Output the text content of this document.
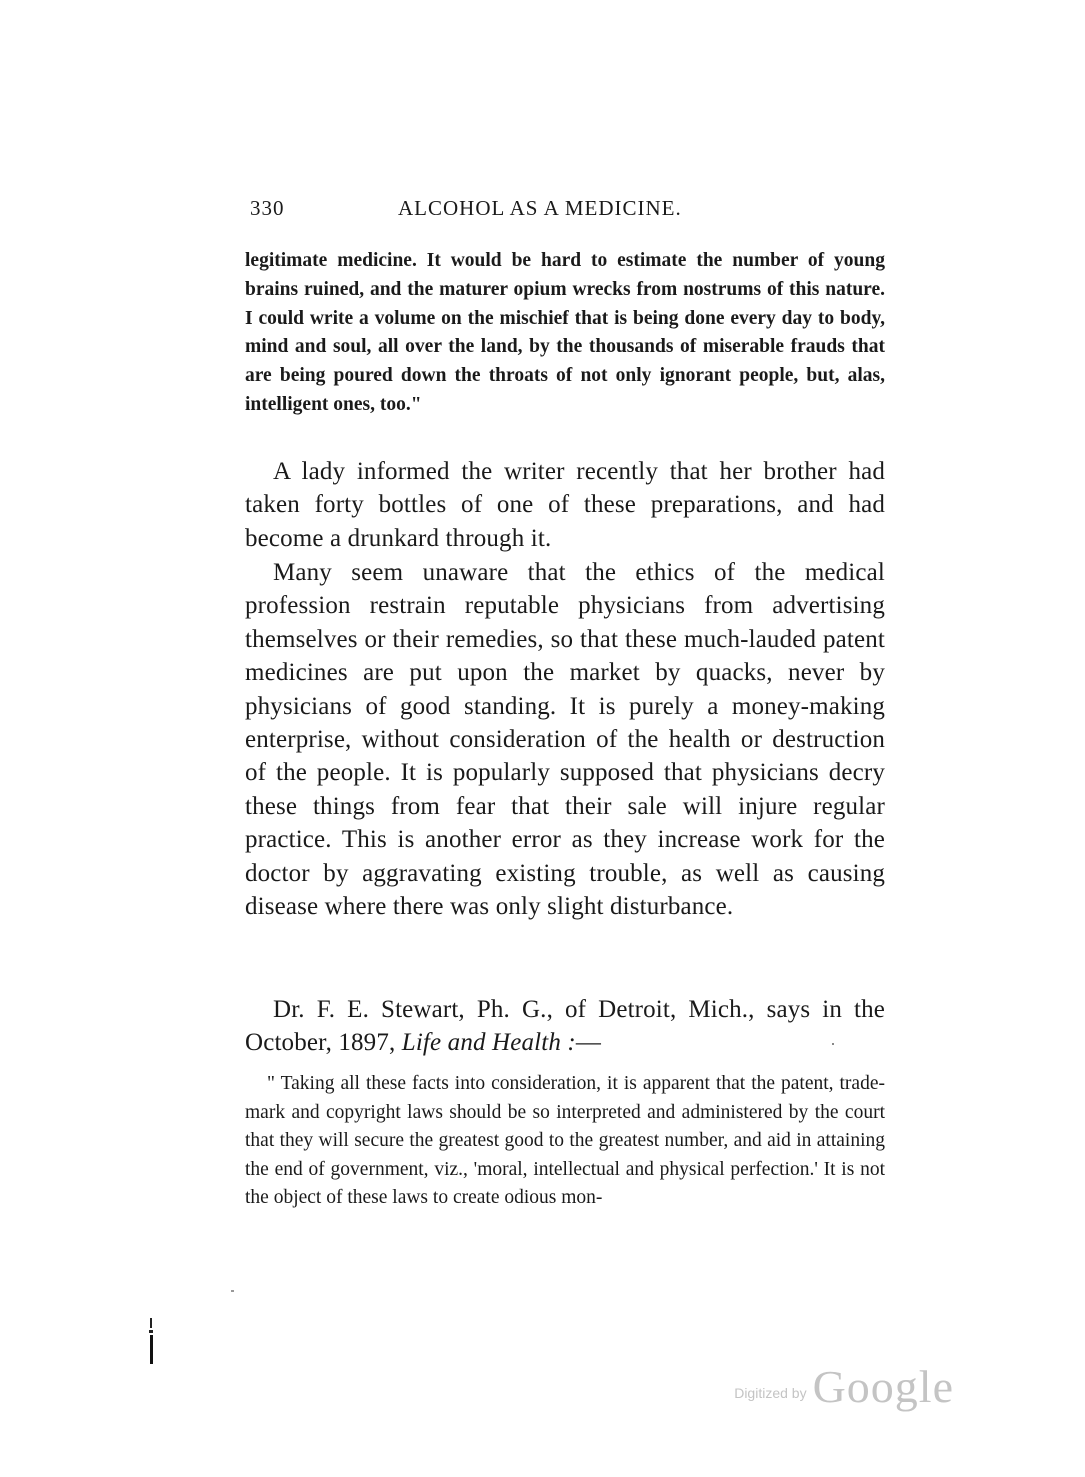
330	ALCOHOL AS A MEDICINE.

legitimate medicine. It would be hard to estimate the number of young brains ruined, and the maturer opium wrecks from nostrums of this nature. I could write a volume on the mischief that is being done every day to body, mind and soul, all over the land, by the thousands of miserable frauds that are being poured down the throats of not only ignorant people, but, alas, intelligent ones, too."

A lady informed the writer recently that her brother had taken forty bottles of one of these preparations, and had become a drunkard through it.

Many seem unaware that the ethics of the medical profession restrain reputable physicians from advertising themselves or their remedies, so that these much-lauded patent medicines are put upon the market by quacks, never by physicians of good standing. It is purely a money-making enterprise, without consideration of the health or destruction of the people. It is popularly supposed that physicians decry these things from fear that their sale will injure regular practice. This is another error as they increase work for the doctor by aggravating existing trouble, as well as causing disease where there was only slight disturbance.

Dr. F. E. Stewart, Ph. G., of Detroit, Mich., says in the October, 1897, Life and Health :—

" Taking all these facts into consideration, it is apparent that the patent, trade-mark and copyright laws should be so interpreted and administered by the court that they will secure the greatest good to the greatest number, and aid in attaining the end of government, viz., 'moral, intellectual and physical perfection.' It is not the object of these laws to create odious mon-

Digitized by Google
